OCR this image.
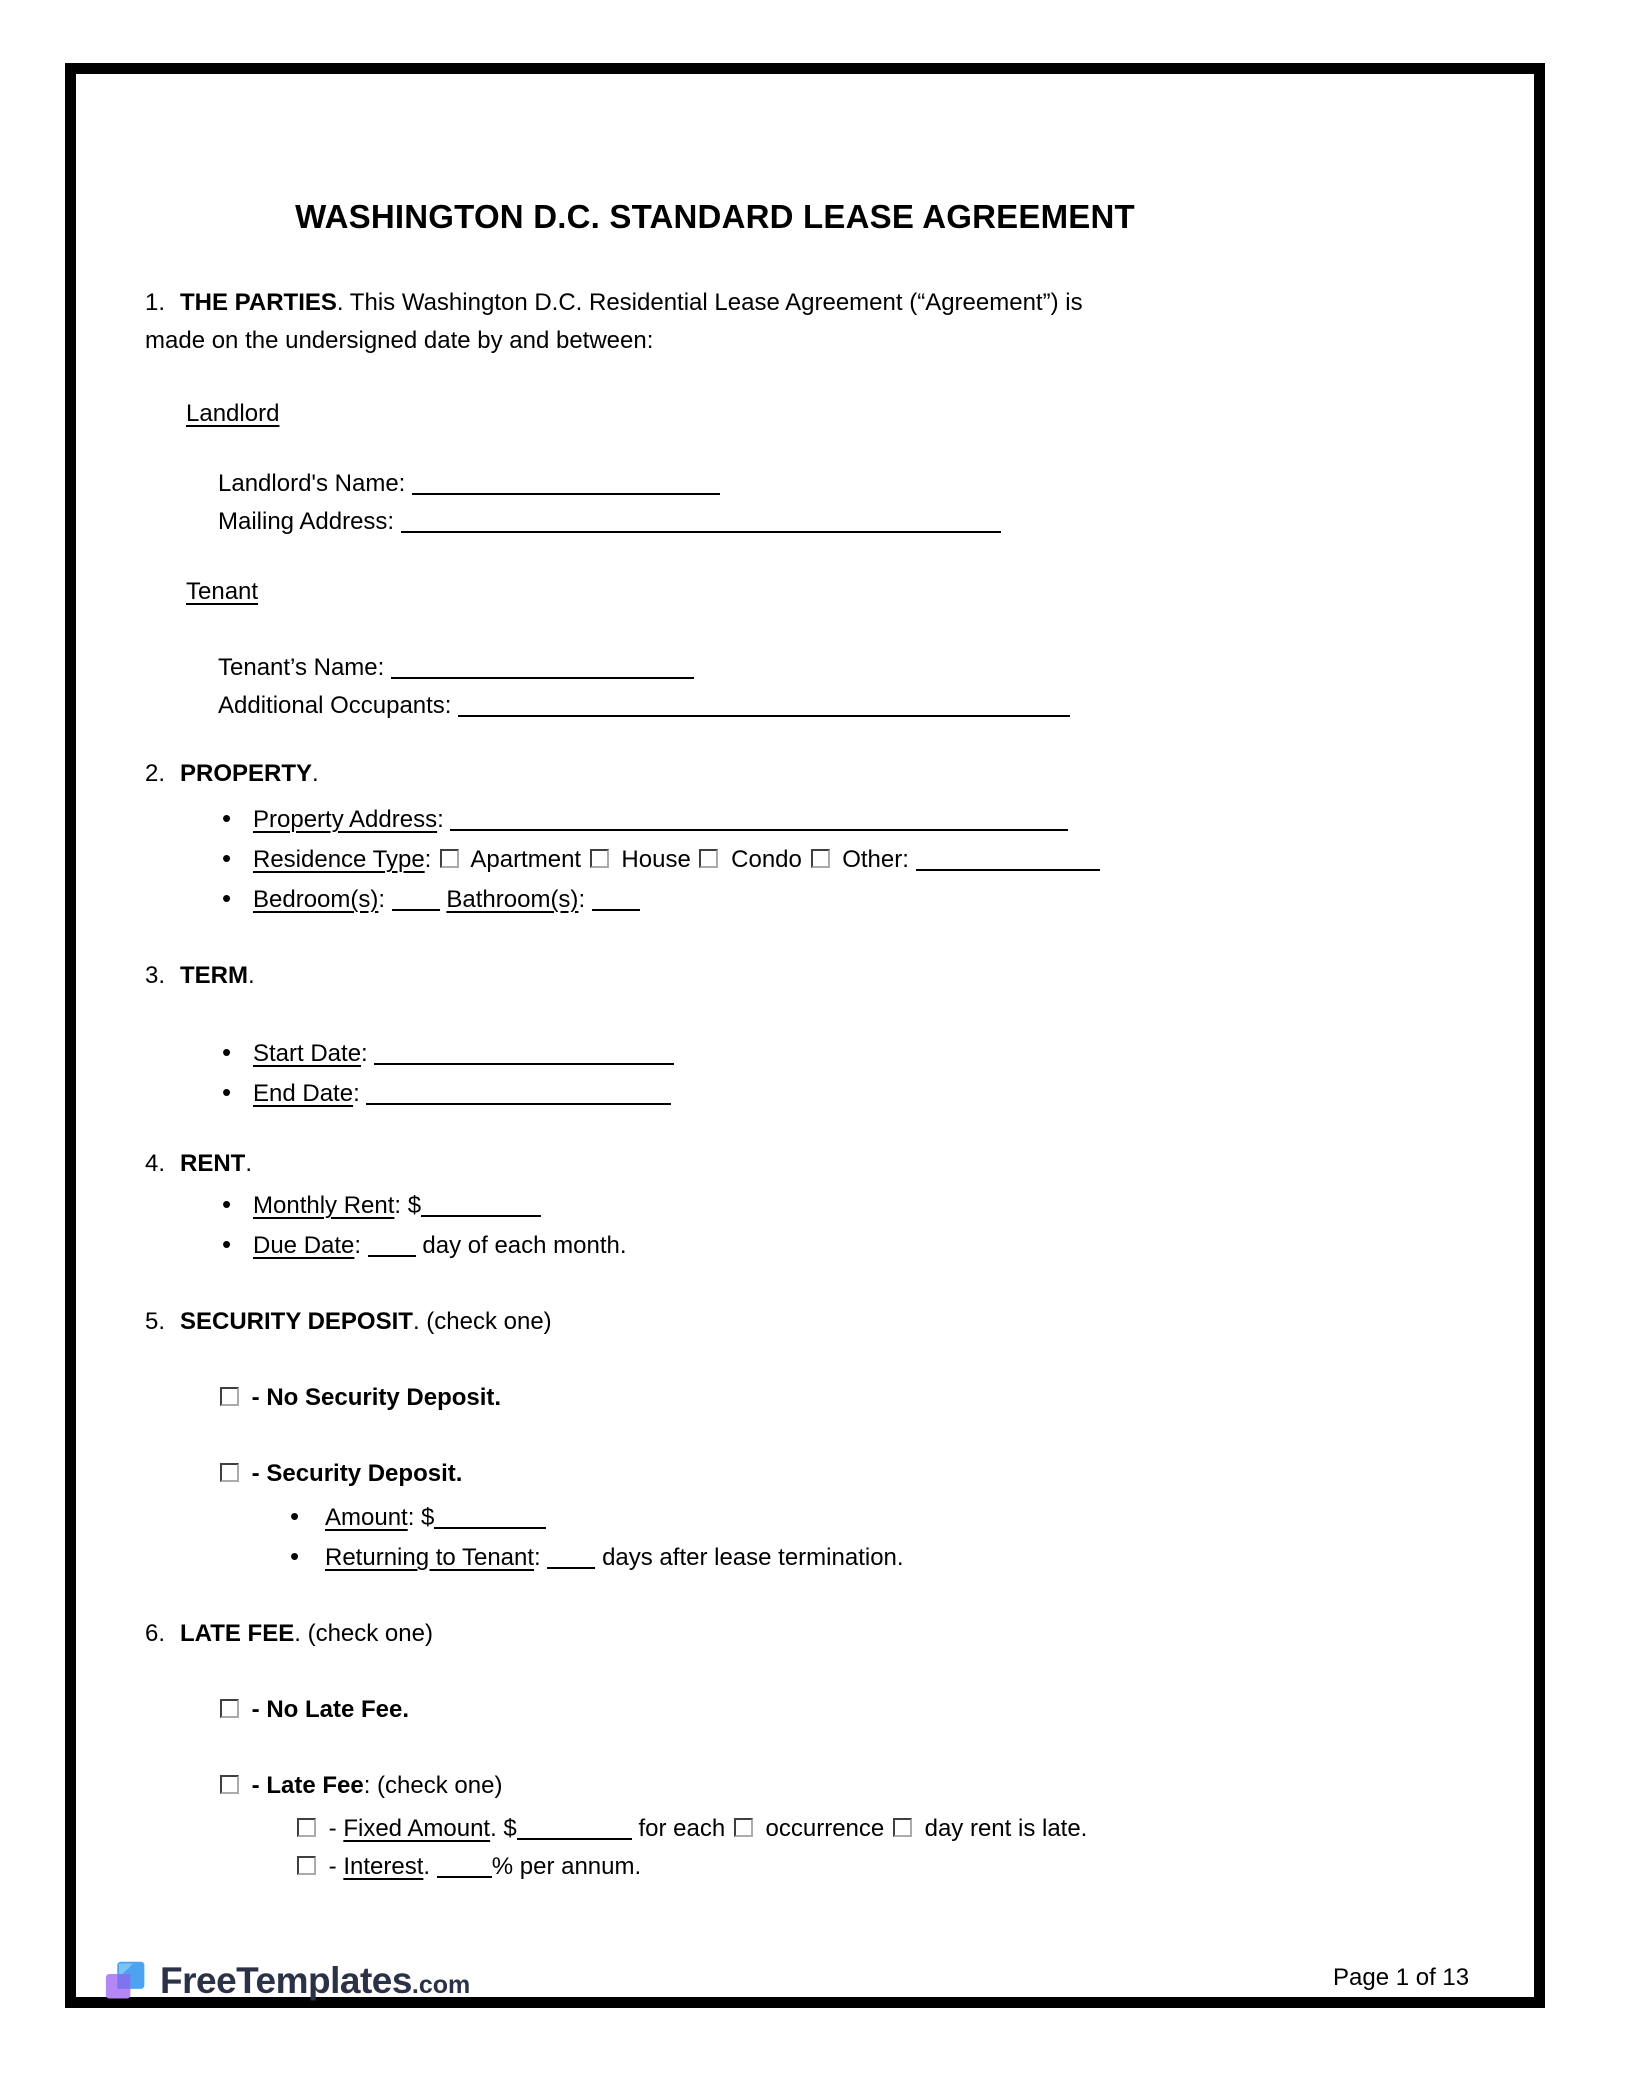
WASHINGTON D.C. STANDARD LEASE AGREEMENT
1. THE PARTIES. This Washington D.C. Residential Lease Agreement (“Agreement”) is made on the undersigned date by and between:
Landlord
Landlord's Name:
Mailing Address:
Tenant
Tenant’s Name:
Additional Occupants:
2. PROPERTY.
• Property Address:
• Residence Type: Apartment House Condo Other:
• Bedroom(s):	Bathroom(s):
3. TERM.
• Start Date:
• End Date:
4. RENT.
• Monthly Rent: $
• Due Date:	day of each month.
5. SECURITY DEPOSIT. (check one)
- No Security Deposit.
- Security Deposit.
• Amount: $
• Returning to Tenant:	days after lease termination.
6. LATE FEE. (check one)
- No Late Fee.
- Late Fee: (check one)
- Fixed Amount. $	for each occurrence day rent is late.
- Interest.	% per annum.
FreeTemplates.com	Page 1 of 13
